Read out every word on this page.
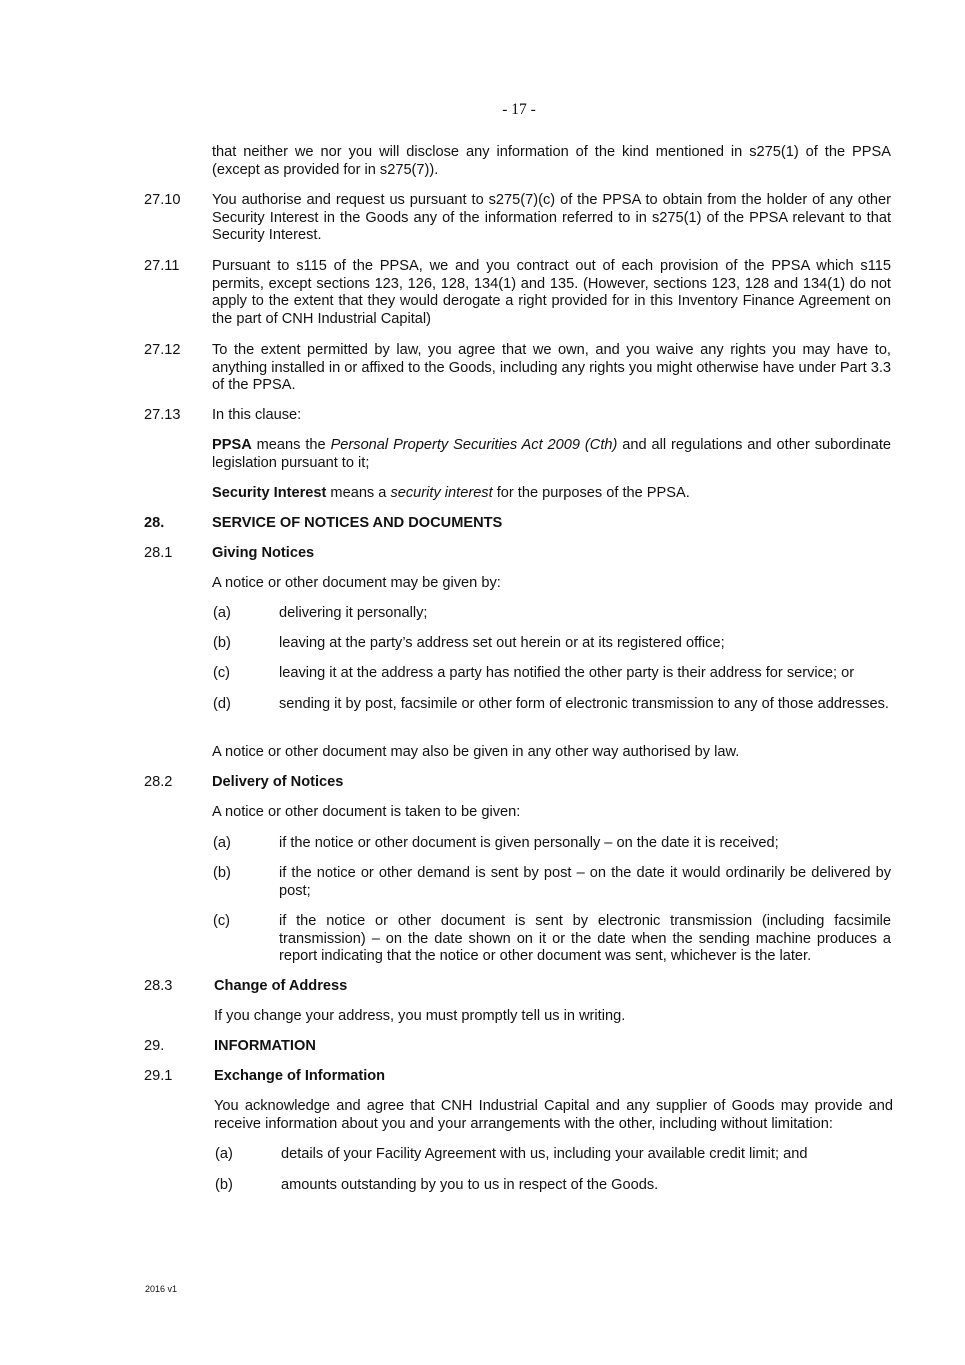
- 17 -
that neither we nor you will disclose any information of the kind mentioned in s275(1) of the PPSA (except as provided for in s275(7)).
27.10 You authorise and request us pursuant to s275(7)(c) of the PPSA to obtain from the holder of any other Security Interest in the Goods any of the information referred to in s275(1) of the PPSA relevant to that Security Interest.
27.11 Pursuant to s115 of the PPSA, we and you contract out of each provision of the PPSA which s115 permits, except sections 123, 126, 128, 134(1) and 135. (However, sections 123, 128 and 134(1) do not apply to the extent that they would derogate a right provided for in this Inventory Finance Agreement on the part of CNH Industrial Capital)
27.12 To the extent permitted by law, you agree that we own, and you waive any rights you may have to, anything installed in or affixed to the Goods, including any rights you might otherwise have under Part 3.3 of the PPSA.
27.13 In this clause:
PPSA means the Personal Property Securities Act 2009 (Cth) and all regulations and other subordinate legislation pursuant to it;
Security Interest means a security interest for the purposes of the PPSA.
28.	SERVICE OF NOTICES AND DOCUMENTS
28.1	Giving Notices
A notice or other document may be given by:
(a)	delivering it personally;
(b)	leaving at the party’s address set out herein or at its registered office;
(c)	leaving it at the address a party has notified the other party is their address for service; or
(d)	sending it by post, facsimile or other form of electronic transmission to any of those addresses.
A notice or other document may also be given in any other way authorised by law.
28.2	Delivery of Notices
A notice or other document is taken to be given:
(a)	if the notice or other document is given personally – on the date it is received;
(b)	if the notice or other demand is sent by post – on the date it would ordinarily be delivered by post;
(c)	if the notice or other document is sent by electronic transmission (including facsimile transmission) – on the date shown on it or the date when the sending machine produces a report indicating that the notice or other document was sent, whichever is the later.
28.3	Change of Address
If you change your address, you must promptly tell us in writing.
29.	INFORMATION
29.1	Exchange of Information
You acknowledge and agree that CNH Industrial Capital and any supplier of Goods may provide and receive information about you and your arrangements with the other, including without limitation:
(a)	details of your Facility Agreement with us, including your available credit limit; and
(b)	amounts outstanding by you to us in respect of the Goods.
2016 v1
